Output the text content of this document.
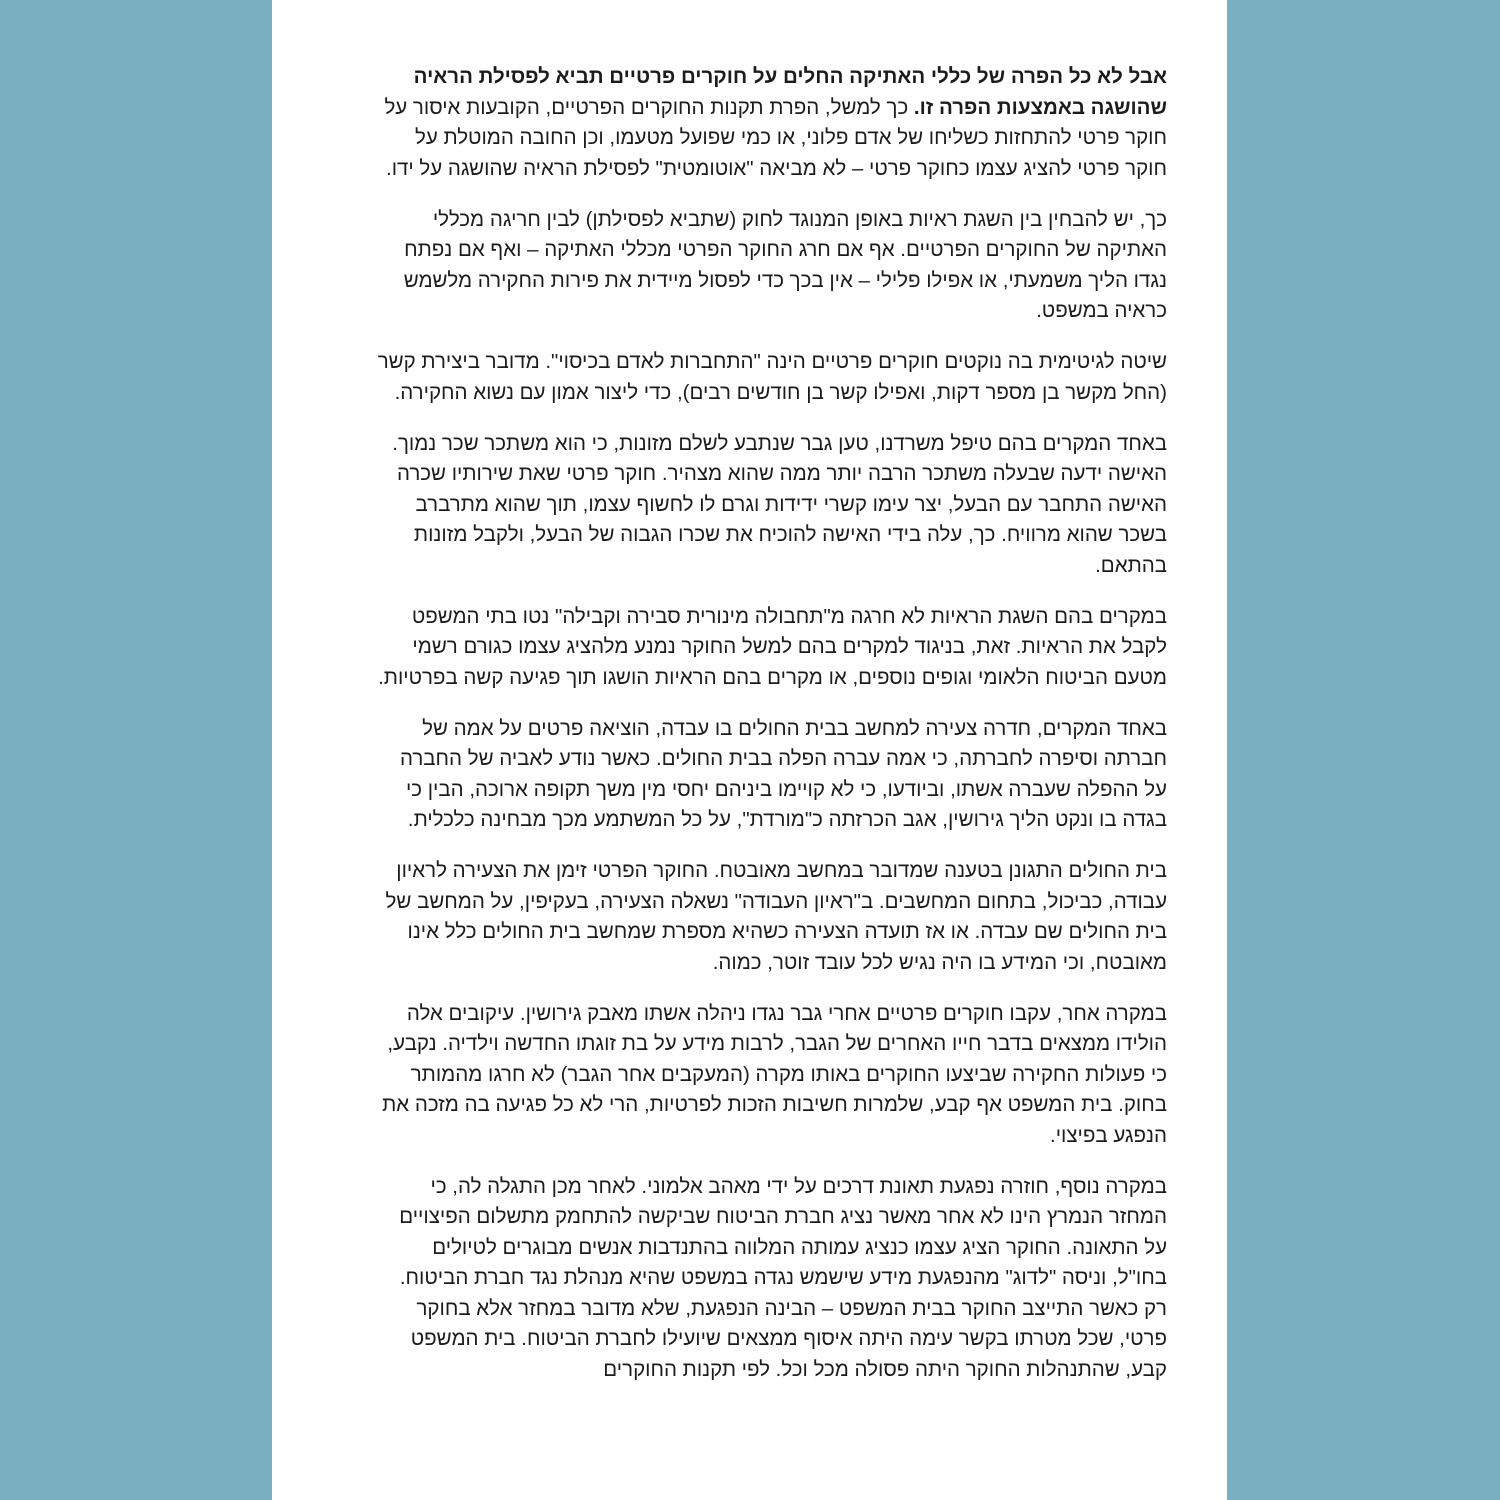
אבל לא כל הפרה של כללי האתיקה החלים על חוקרים פרטיים תביא לפסילת הראיה שהושגה באמצעות הפרה זו. כך למשל, הפרת תקנות החוקרים הפרטיים, הקובעות איסור על חוקר פרטי להתחזות כשליחו של אדם פלוני, או כמי שפועל מטעמו, וכן החובה המוטלת על חוקר פרטי להציג עצמו כחוקר פרטי – לא מביאה "אוטומטית" לפסילת הראיה שהושגה על ידו.

כך, יש להבחין בין השגת ראיות באופן המנוגד לחוק (שתביא לפסילתן) לבין חריגה מכללי האתיקה של החוקרים הפרטיים. אף אם חרג החוקר הפרטי מכללי האתיקה – ואף אם נפתח נגדו הליך משמעתי, או אפילו פלילי – אין בכך כדי לפסול מיידית את פירות החקירה מלשמש כראיה במשפט.

שיטה לגיטימית בה נוקטים חוקרים פרטיים הינה "התחברות לאדם בכיסוי". מדובר ביצירת קשר (החל מקשר בן מספר דקות, ואפילו קשר בן חודשים רבים), כדי ליצור אמון עם נשוא החקירה.

באחד המקרים בהם טיפל משרדנו, טען גבר שנתבע לשלם מזונות, כי הוא משתכר שכר נמוך. האישה ידעה שבעלה משתכר הרבה יותר ממה שהוא מצהיר. חוקר פרטי שאת שירותיו שכרה האישה התחבר עם הבעל, יצר עימו קשרי ידידות וגרם לו לחשוף עצמו, תוך שהוא מתרברב בשכר שהוא מרוויח. כך, עלה בידי האישה להוכיח את שכרו הגבוה של הבעל, ולקבל מזונות בהתאם.

במקרים בהם השגת הראיות לא חרגה מ"תחבולה מינורית סבירה וקבילה" נטו בתי המשפט לקבל את הראיות. זאת, בניגוד למקרים בהם למשל החוקר נמנע מלהציג עצמו כגורם רשמי מטעם הביטוח הלאומי וגופים נוספים, או מקרים בהם הראיות הושגו תוך פגיעה קשה בפרטיות.

באחד המקרים, חדרה צעירה למחשב בבית החולים בו עבדה, הוציאה פרטים על אמה של חברתה וסיפרה לחברתה, כי אמה עברה הפלה בבית החולים. כאשר נודע לאביה של החברה על ההפלה שעברה אשתו, וביודעו, כי לא קויימו ביניהם יחסי מין משך תקופה ארוכה, הבין כי בגדה בו ונקט הליך גירושין, אגב הכרזתה כ"מורדת", על כל המשתמע מכך מבחינה כלכלית.

בית החולים התגונן בטענה שמדובר במחשב מאובטח. החוקר הפרטי זימן את הצעירה לראיון עבודה, כביכול, בתחום המחשבים. ב"ראיון העבודה" נשאלה הצעירה, בעקיפין, על המחשב של בית החולים שם עבדה. או אז תועדה הצעירה כשהיא מספרת שמחשב בית החולים כלל אינו מאובטח, וכי המידע בו היה נגיש לכל עובד זוטר, כמוה.

במקרה אחר, עקבו חוקרים פרטיים אחרי גבר נגדו ניהלה אשתו מאבק גירושין. עיקובים אלה הולידו ממצאים בדבר חייו האחרים של הגבר, לרבות מידע על בת זוגתו החדשה וילדיה. נקבע, כי פעולות החקירה שביצעו החוקרים באותו מקרה (המעקבים אחר הגבר) לא חרגו מהמותר בחוק. בית המשפט אף קבע, שלמרות חשיבות הזכות לפרטיות, הרי לא כל פגיעה בה מזכה את הנפגע בפיצוי.

במקרה נוסף, חוזרה נפגעת תאונת דרכים על ידי מאהב אלמוני. לאחר מכן התגלה לה, כי המחזר הנמרץ הינו לא אחר מאשר נציג חברת הביטוח שביקשה להתחמק מתשלום הפיצויים על התאונה. החוקר הציג עצמו כנציג עמותה המלווה בהתנדבות אנשים מבוגרים לטיולים בחו"ל, וניסה "לדוג" מהנפגעת מידע שישמש נגדה במשפט שהיא מנהלת נגד חברת הביטוח. רק כאשר התייצב החוקר בבית המשפט – הבינה הנפגעת, שלא מדובר במחזר אלא בחוקר פרטי, שכל מטרתו בקשר עימה היתה איסוף ממצאים שיועילו לחברת הביטוח. בית המשפט קבע, שהתנהלות החוקר היתה פסולה מכל וכל. לפי תקנות החוקרים
